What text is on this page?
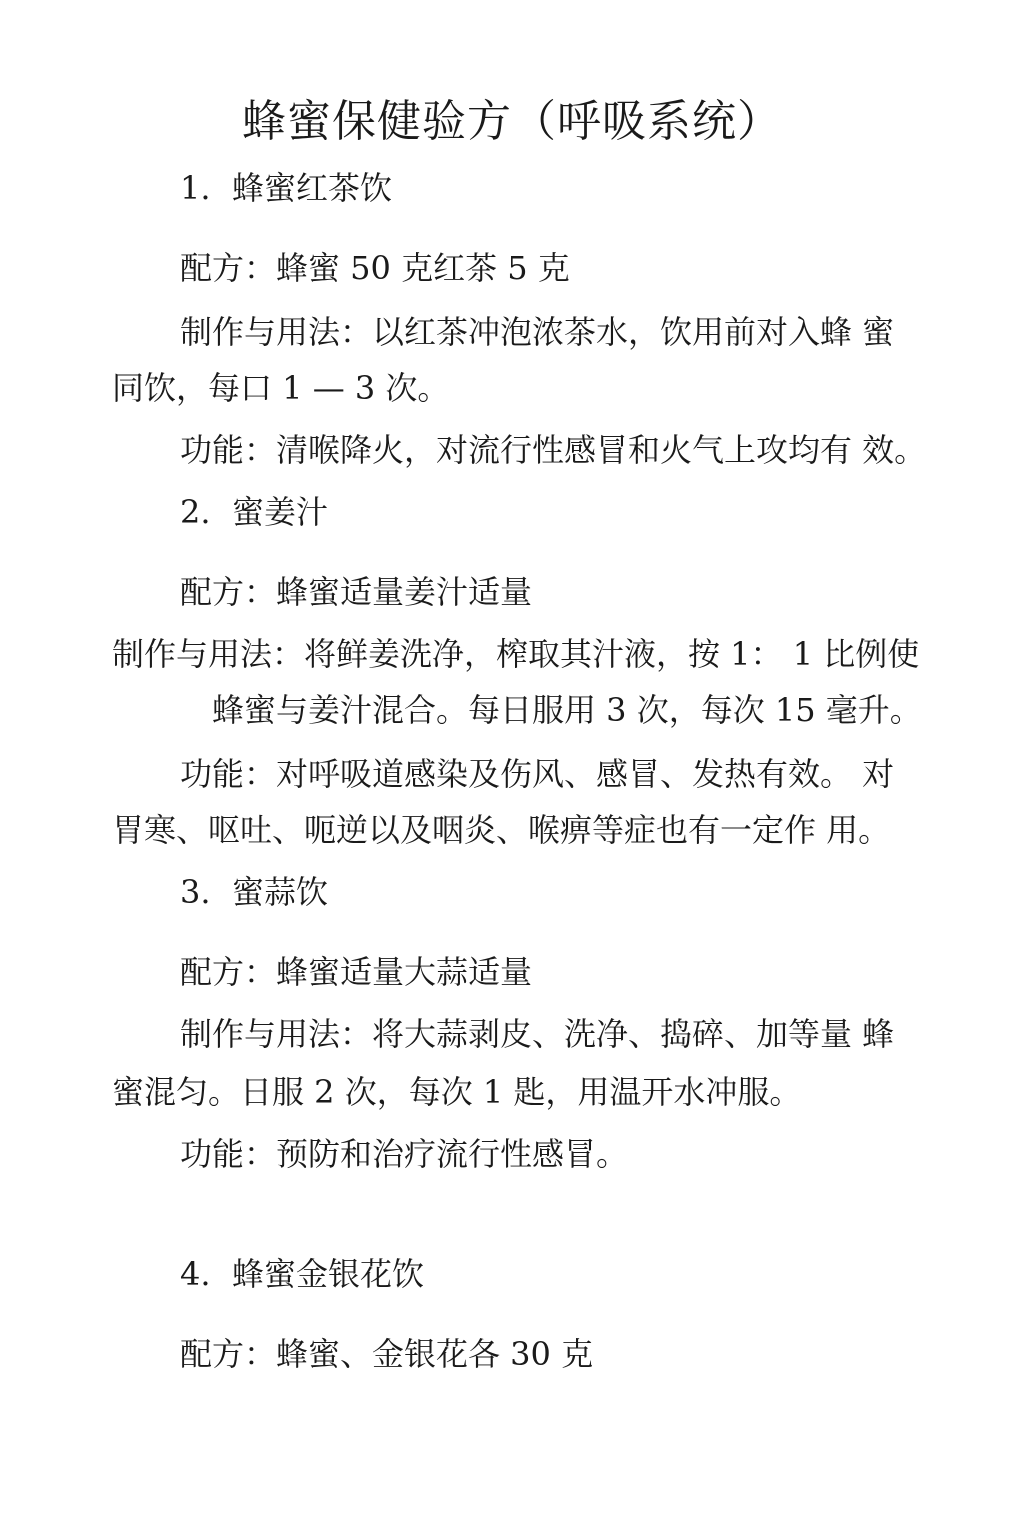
蜂蜜保健验方（呼吸系统）
1. 蜂蜜红茶饮
配方：蜂蜜 50 克红茶 5 克
制作与用法：以红茶冲泡浓茶水，饮用前对入蜂 蜜
同饮，每口 1 — 3 次。
功能：清喉降火，对流行性感冒和火气上攻均有 效。
2. 蜜姜汁
配方：蜂蜜适量姜汁适量
制作与用法：将鲜姜洗净，榨取其汁液，按 1： 1 比例使
蜂蜜与姜汁混合。每日服用 3 次，每次 15 毫升。
功能：对呼吸道感染及伤风、感冒、发热有效。 对
胃寒、呕吐、呃逆以及咽炎、喉痹等症也有一定作 用。
3. 蜜蒜饮
配方：蜂蜜适量大蒜适量
制作与用法：将大蒜剥皮、洗净、捣碎、加等量 蜂
蜜混匀。日服 2 次，每次 1 匙，用温开水冲服。
功能：预防和治疗流行性感冒。
4. 蜂蜜金银花饮
配方：蜂蜜、金银花各 30 克
